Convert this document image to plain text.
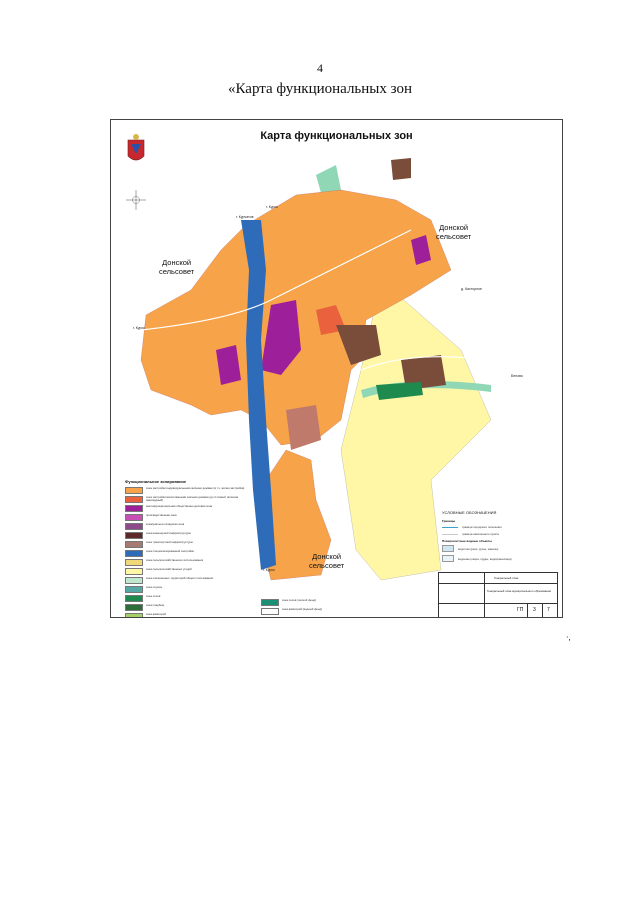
4
«Карта функциональных зон
Карта функциональных зон
г. Курчатов
г. Курск
г. Курск
д. Касторное
г. Курск
Белово
Донской
сельсовет
Донской
сельсовет
Донской
сельсовет
Функциональное зонирование
зона застройки индивидуальными жилыми домами (в т.ч. жилая застройка)
зона застройки малоэтажными жилыми домами (до 4 этажей, включая мансардный)
многофункциональная общественно-деловая зона
производственная зона
коммунально-складская зона
зона инженерной инфраструктуры
зона транспортной инфраструктуры
зона специализированной застройки
зона сельскохозяйственного использования
зона сельскохозяйственных угодий
зона озелененных территорий общего пользования
зона отдыха
зона лесов
зона кладбищ
зона акваторий
зона лесов (лесной фонд)
зона акваторий (водный фонд)
УСЛОВНЫЕ ОБОЗНАЧЕНИЯ
Границы
граница городского поселения
граница населенного пункта
Поверхностные водные объекты
водотоки (реки, ручьи, каналы)
водоемы (озера, пруды, водохранилища)
Генеральный план
Генеральный план муниципального образования
ГП 3 7
·,
